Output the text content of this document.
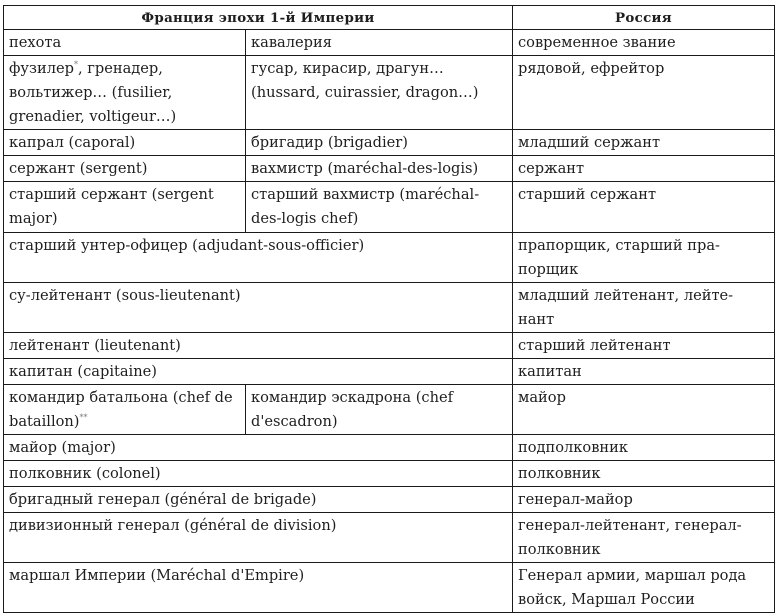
Франция эпохи 1-й Империи		Россия
пехота	кавалерия	современное звание
фузилер*, гренадер, вольтижер… (fusilier, grenadier, voltigeur…)	гусар, кирасир, драгун… (hussard, cuirassier, dragon…)	рядовой, ефрейтор
капрал (caporal)	бригадир (brigadier)	младший сержант
сержант (sergent)	вахмистр (maréchal-des-logis)	сержант
старший сержант (sergent major)	старший вахмистр (maréchal-des-logis chef)	старший сержант
старший унтер-офицер (adjudant-sous-officier)		прапорщик, старший пра-порщик
су-лейтенант (sous-lieutenant)		младший лейтенант, лейте-нант
лейтенант (lieutenant)		старший лейтенант
капитан (capitaine)		капитан
командир батальона (chef de bataillon)**	командир эскадрона (chef d'escadron)	майор
майор (major)		подполковник
полковник (colonel)		полковник
бригадный генерал (général de brigade)		генерал-майор
дивизионный генерал (général de division)		генерал-лейтенант, генерал-полковник
маршал Империи (Maréchal d'Empire)		Генерал армии, маршал рода войск, Маршал России
